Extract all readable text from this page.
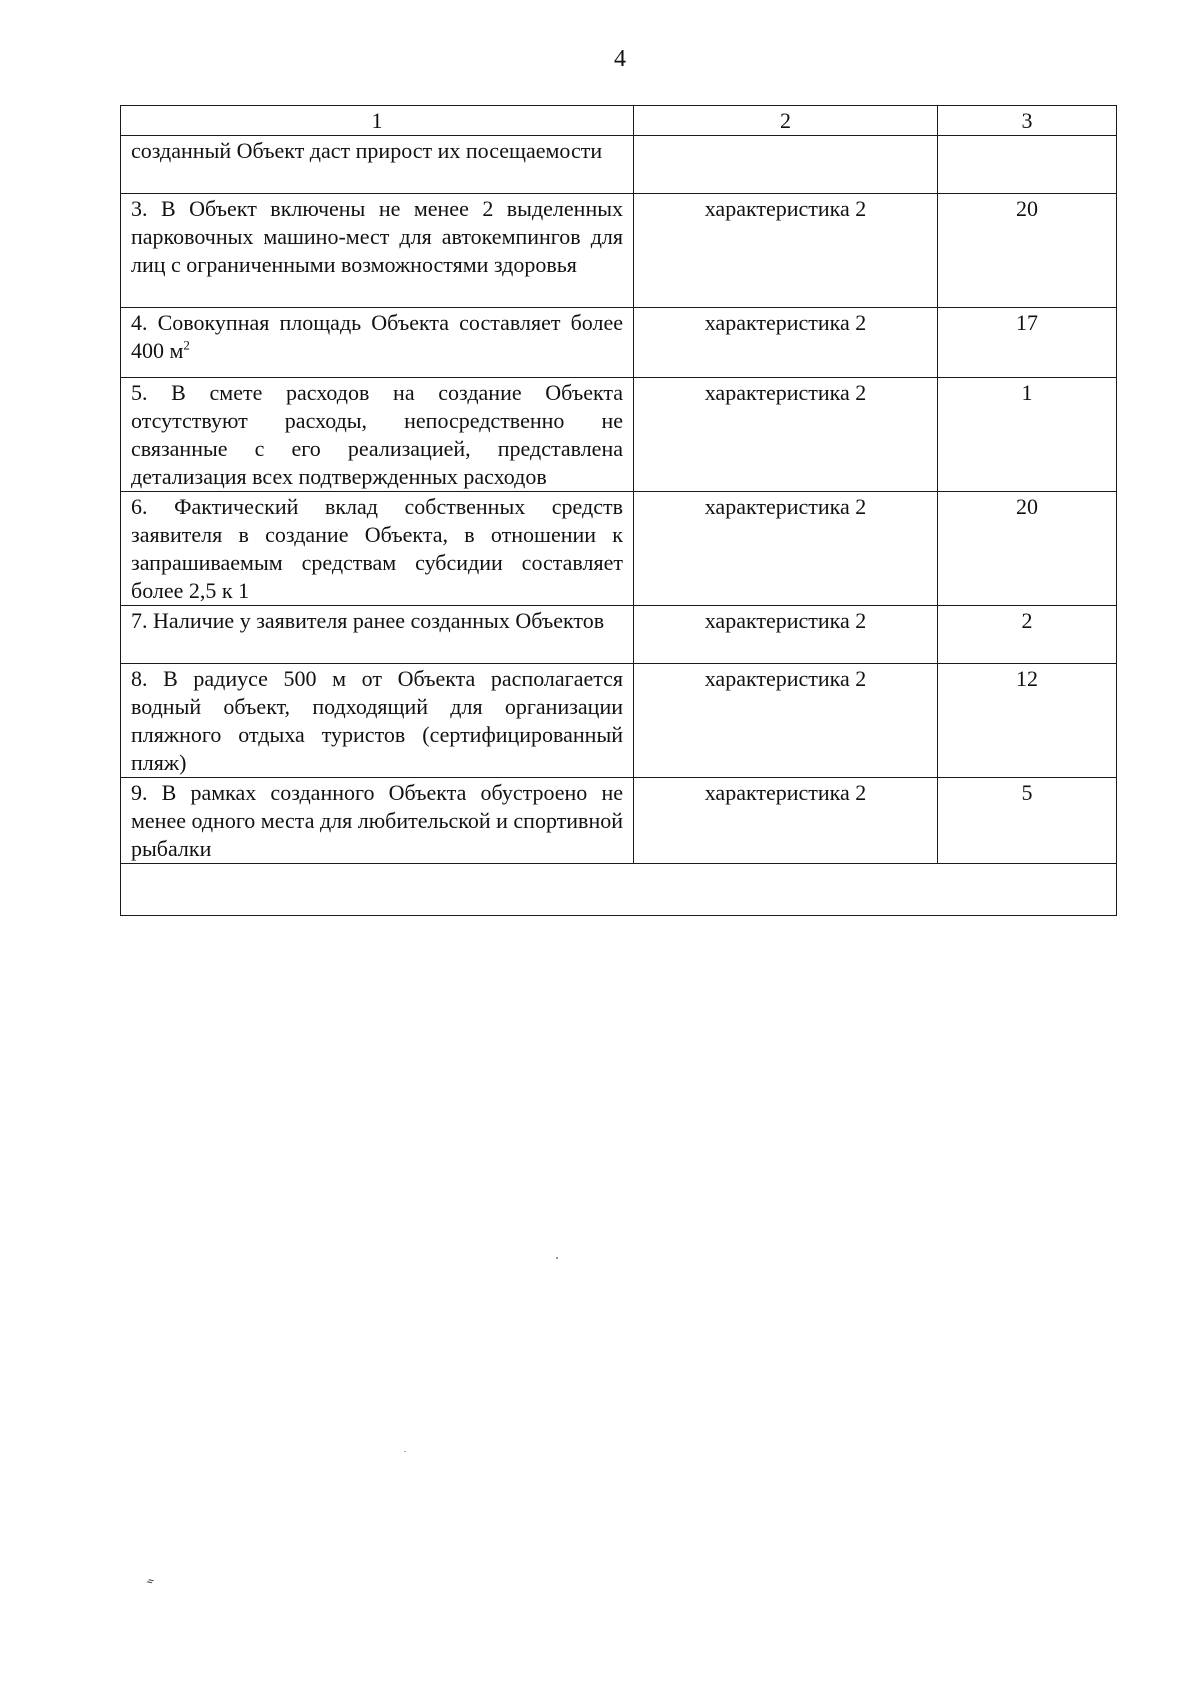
4
1	2	3
созданный Объект даст прирост их посещаемости		
3. В Объект включены не менее 2 выделенных парковочных машино-мест для автокемпингов для лиц с ограниченными возможностями здоровья	характеристика 2	20
4. Совокупная площадь Объекта составляет более 400 $м^2$	характеристика 2	17
5. В смете расходов на создание Объекта отсутствуют расходы, непосредственно не связанные с его реализацией, представлена детализация всех подтвержденных расходов	характеристика 2	1
6. Фактический вклад собственных средств заявителя в создание Объекта, в отношении к запрашиваемым средствам субсидии составляет более 2,5 к 1	характеристика 2	20
7. Наличие у заявителя ранее созданных Объектов	характеристика 2	2
8. В радиусе 500 м от Объекта располагается водный объект, подходящий для организации пляжного отдыха туристов (сертифицированный пляж)	характеристика 2	12
9. В рамках созданного Объекта обустроено не менее одного места для любительской и спортивной рыбалки	характеристика 2	5

⸗
